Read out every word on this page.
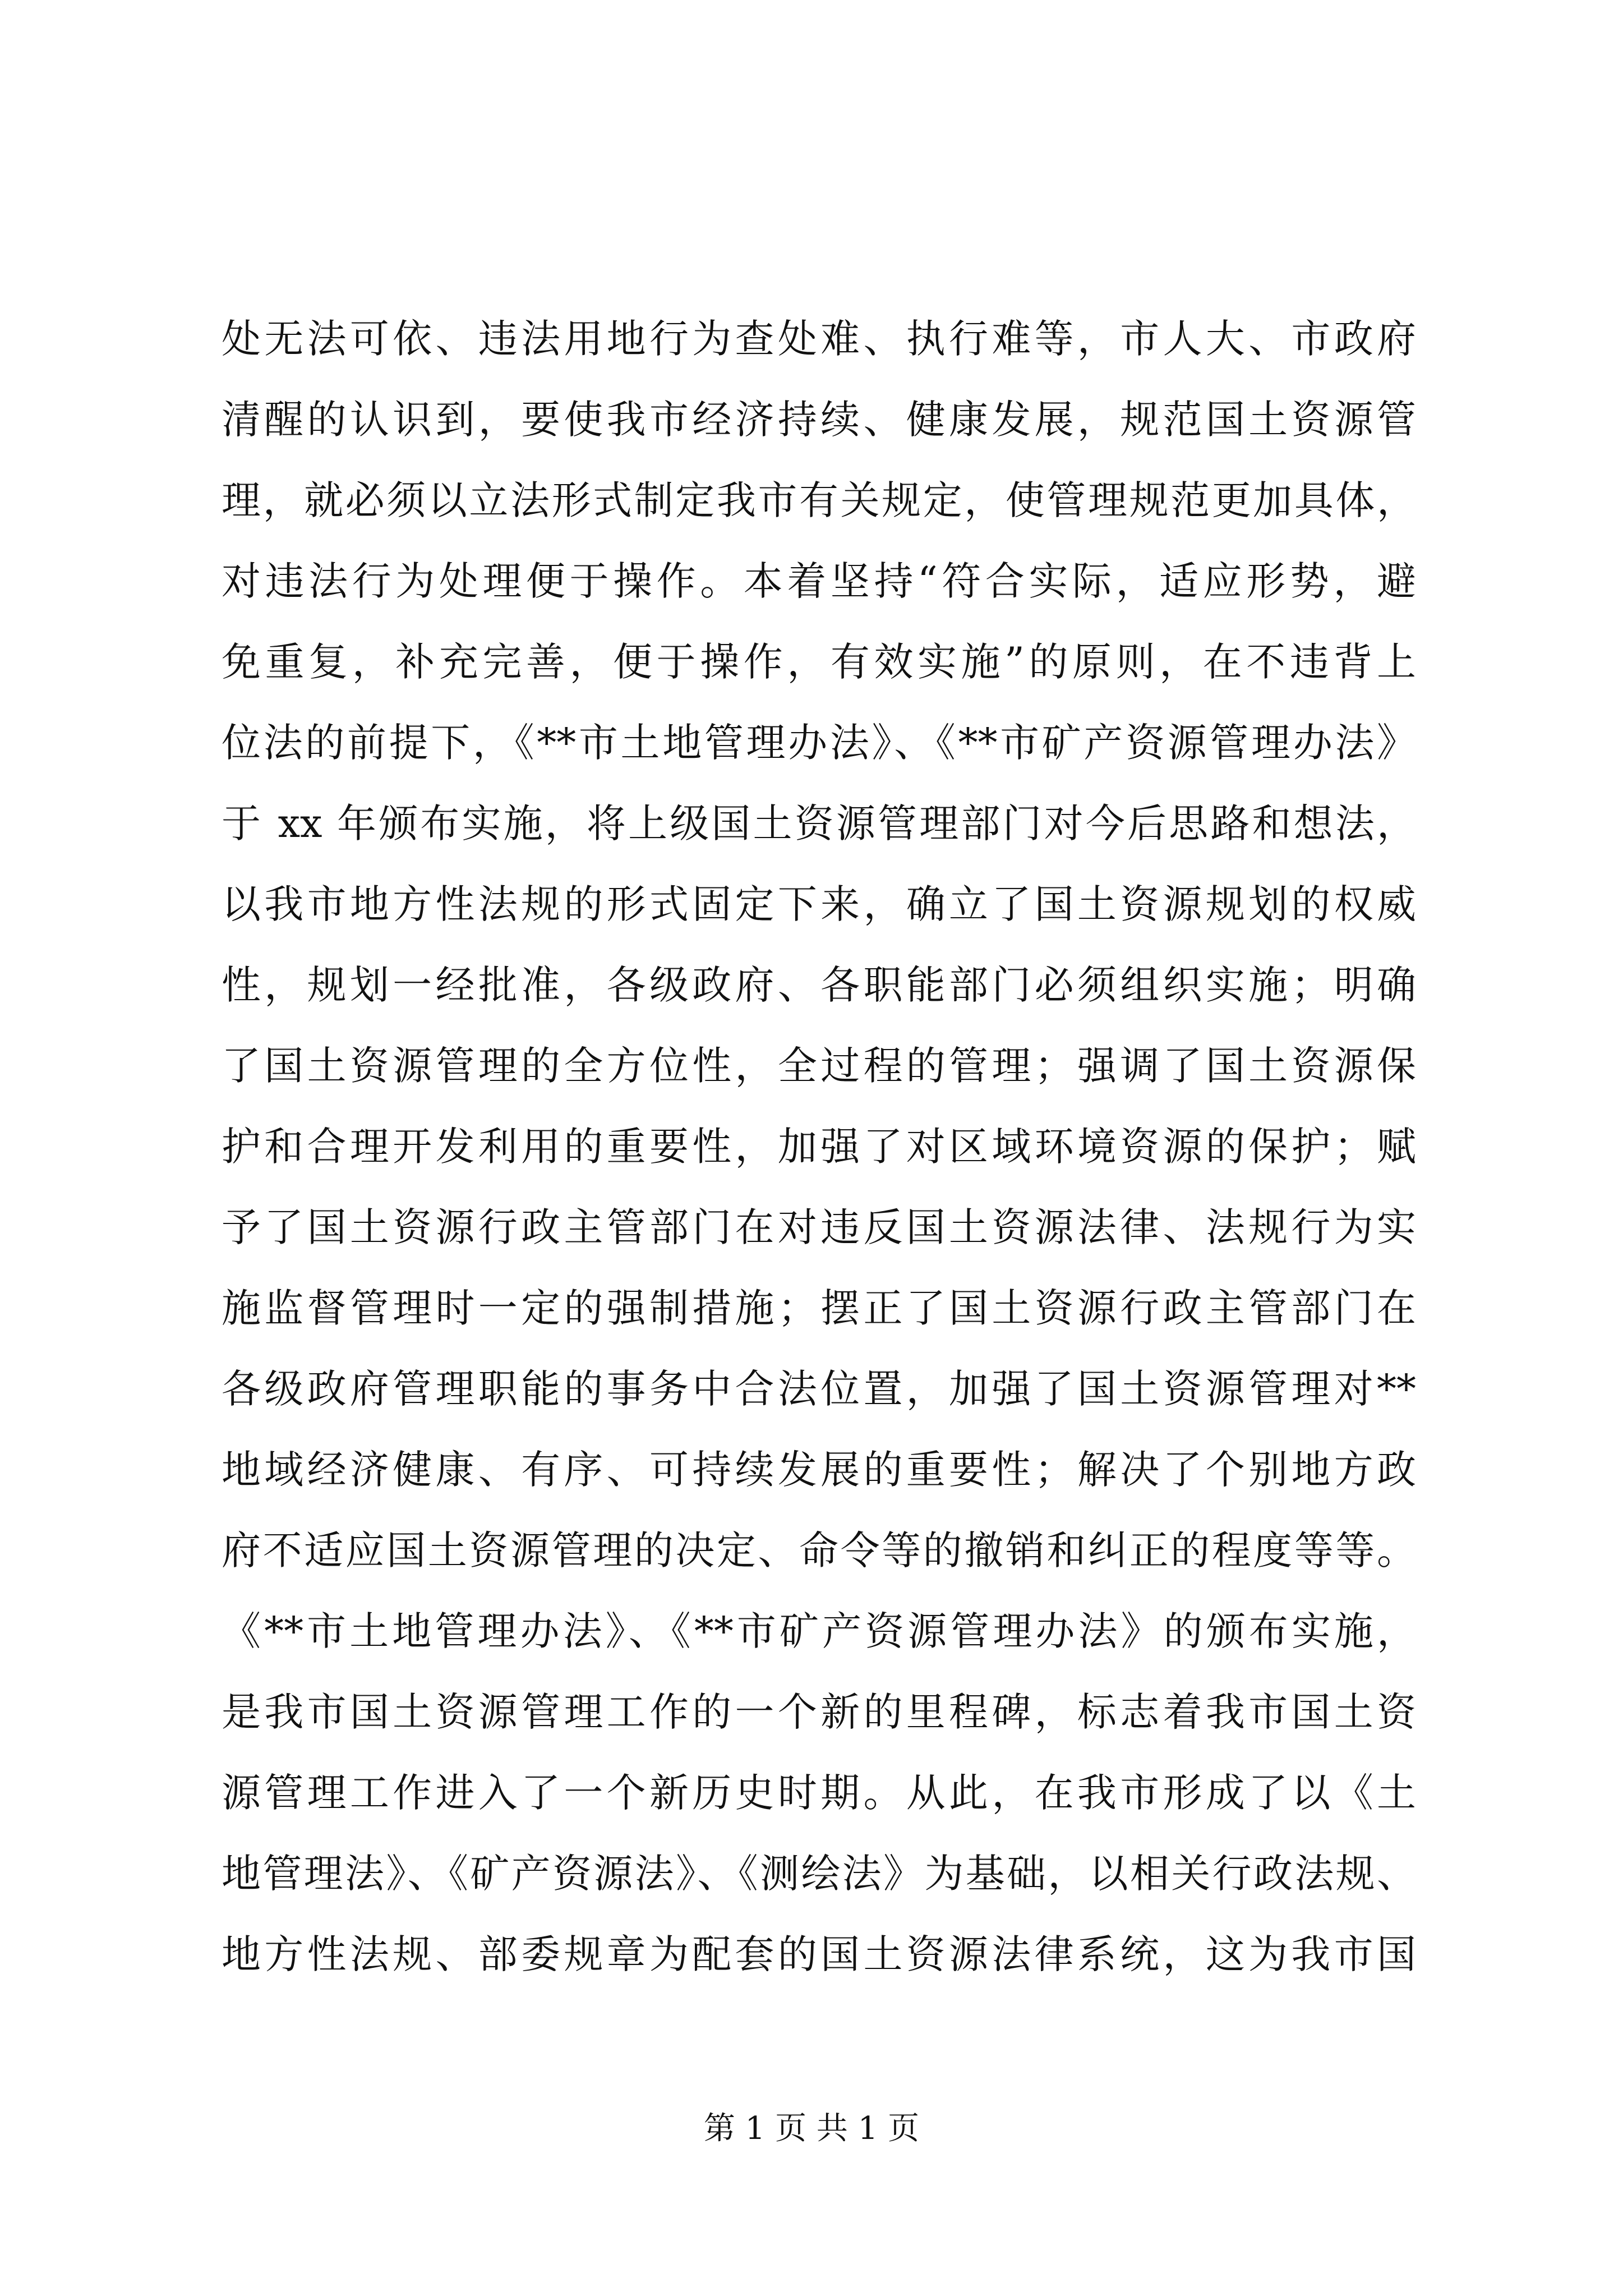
处无法可依、违法用地行为查处难、执行难等，市人大、市政府
清醒的认识到，要使我市经济持续、健康发展，规范国土资源管
理，就必须以立法形式制定我市有关规定，使管理规范更加具体，
对违法行为处理便于操作。本着坚持“符合实际，适应形势，避
免重复，补充完善，便于操作，有效实施”的原则，在不违背上
位法的前提下，《**市土地管理办法》、《**市矿产资源管理办法》
于 xx 年颁布实施，将上级国土资源管理部门对今后思路和想法，
以我市地方性法规的形式固定下来，确立了国土资源规划的权威
性，规划一经批准，各级政府、各职能部门必须组织实施；明确
了国土资源管理的全方位性，全过程的管理；强调了国土资源保
护和合理开发利用的重要性，加强了对区域环境资源的保护；赋
予了国土资源行政主管部门在对违反国土资源法律、法规行为实
施监督管理时一定的强制措施；摆正了国土资源行政主管部门在
各级政府管理职能的事务中合法位置，加强了国土资源管理对**
地域经济健康、有序、可持续发展的重要性；解决了个别地方政
府不适应国土资源管理的决定、命令等的撤销和纠正的程度等等。
《**市土地管理办法》、《**市矿产资源管理办法》的颁布实施，
是我市国土资源管理工作的一个新的里程碑，标志着我市国土资
源管理工作进入了一个新历史时期。从此，在我市形成了以《土
地管理法》、《矿产资源法》、《测绘法》为基础，以相关行政法规、
地方性法规、部委规章为配套的国土资源法律系统，这为我市国
第 1 页 共 1 页
